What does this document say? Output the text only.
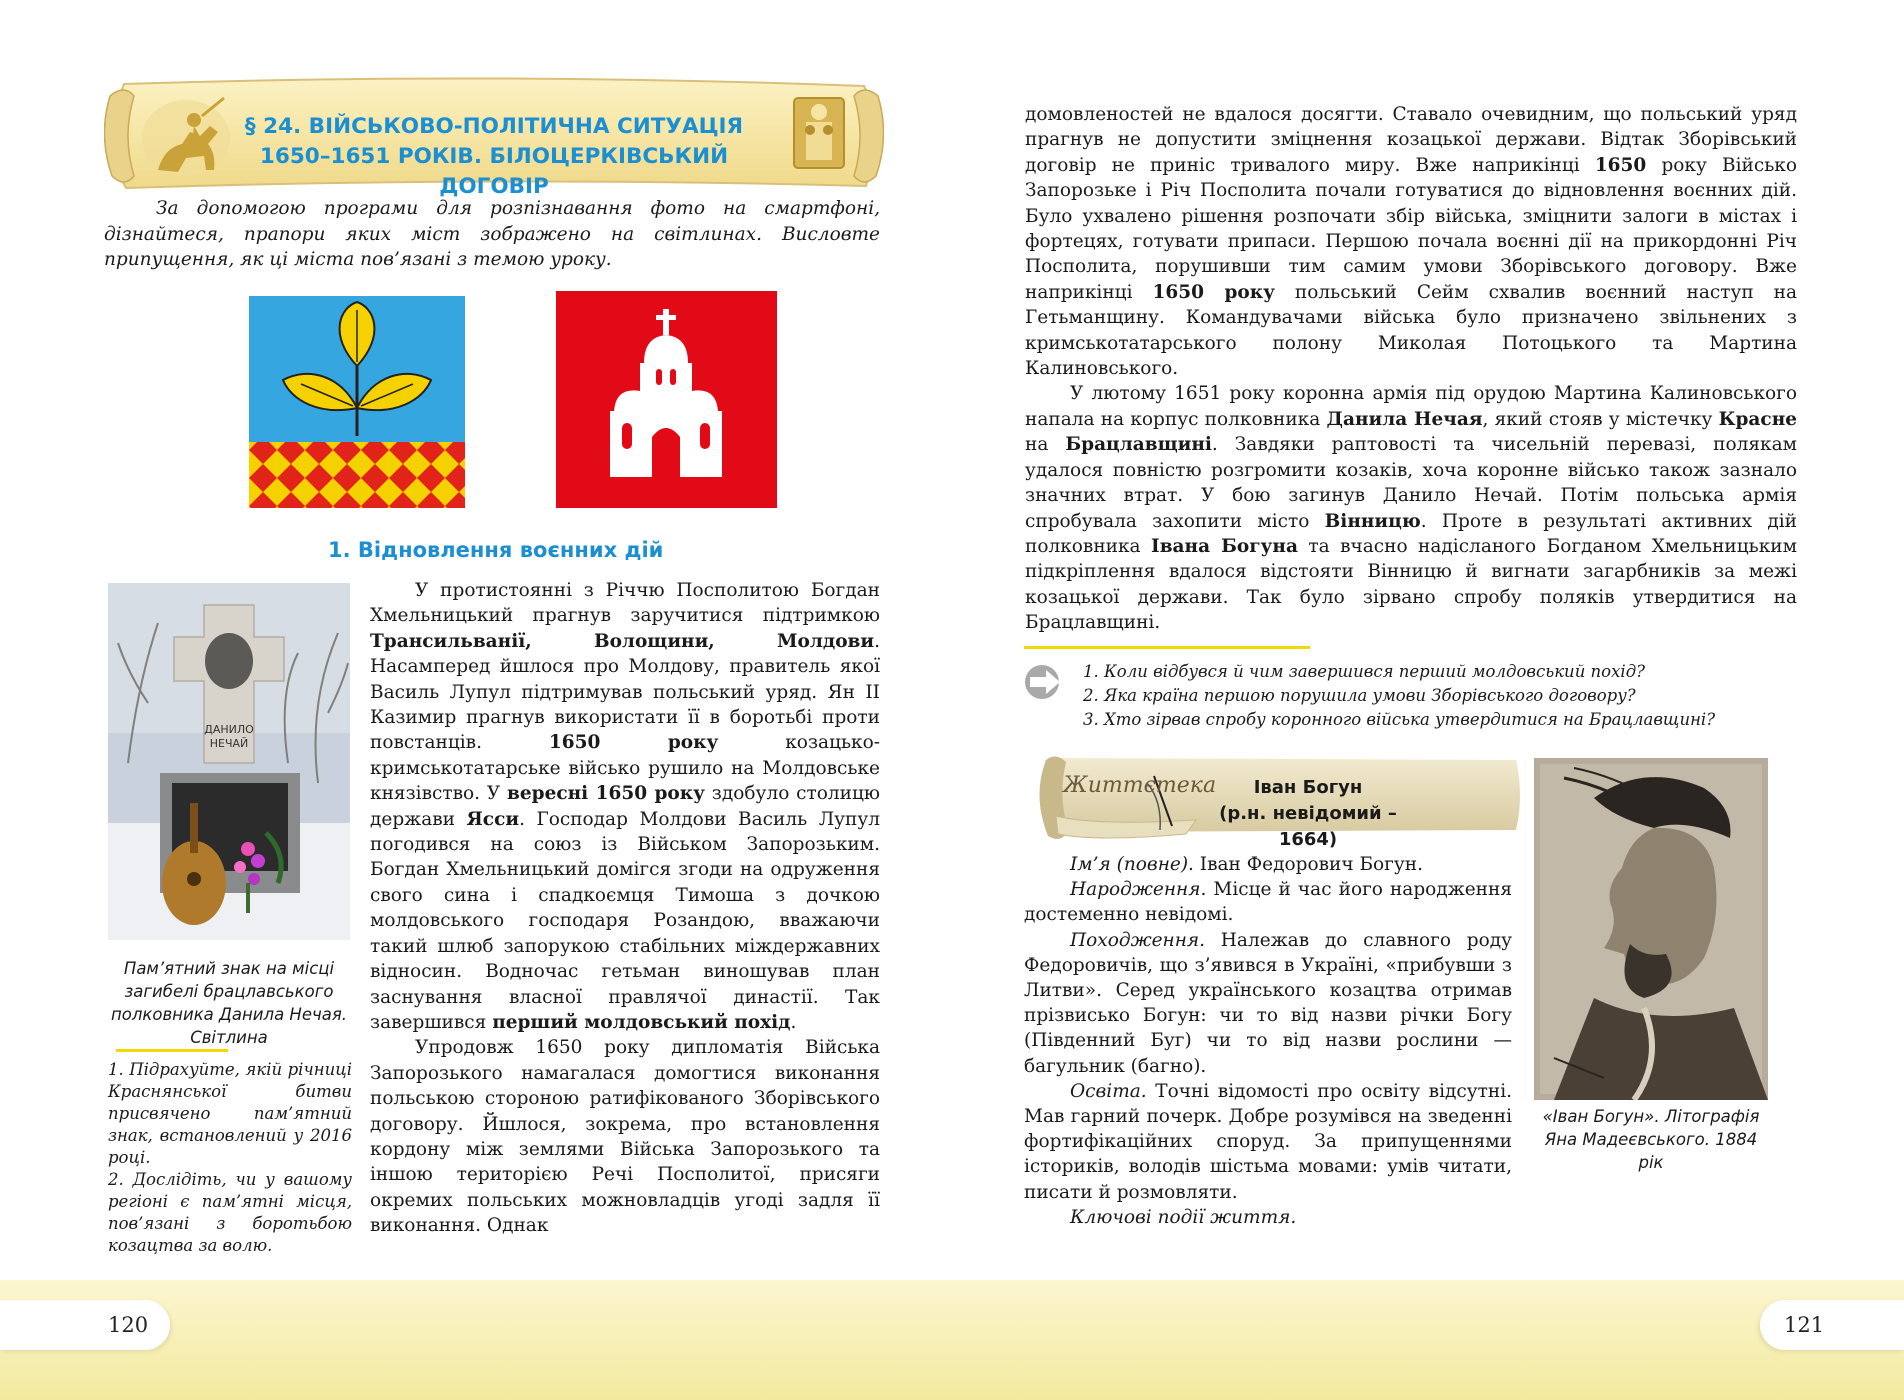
120	121
§ 24. ВІЙСЬКОВО-ПОЛІТИЧНА СИТУАЦІЯ
1650–1651 РОКІВ. БІЛОЦЕРКІВСЬКИЙ ДОГОВІР
За допомогою програми для розпізнавання фото на смартфоні, дізнайтеся, прапори яких міст зображено на світлинах. Висловте припущення, як ці міста пов’язані з темою уроку.
1. Відновлення воєнних дій
ДАНИЛО
НЕЧАЙ
Пам’ятний знак на місці загибелі брацлавського полковника Данила Нечая. Світлина

1. Підрахуйте, якій річниці Краснянської битви присвячено пам’ятний знак, встановлений у 2016 році.

2. Дослідіть, чи у вашому регіоні є пам’ятні місця, пов’язані з боротьбою козацтва за волю.

У протистоянні з Річчю Посполитою Богдан Хмельницький прагнув заручитися підтримкою Трансильванії, Волощини, Молдови. Насамперед йшлося про Молдову, правитель якої Василь Лупул підтримував польський уряд. Ян ІІ Казимир прагнув використати її в боротьбі проти повстанців. 1650 року козацько-кримськотатарське військо рушило на Молдовське князівство. У вересні 1650 року здобуло столицю держави Ясси. Господар Молдови Василь Лупул погодився на союз із Військом Запорозьким. Богдан Хмельницький домігся згоди на одруження свого сина і спадкоємця Тимоша з дочкою молдовського господаря Розандою, вважаючи такий шлюб запорукою стабільних міждержавних відносин. Водночас гетьман виношував план заснування власної правлячої династії. Так завершився перший молдовський похід.

Упродовж 1650 року дипломатія Війська Запорозького намагалася домогтися виконання польською стороною ратифікованого Зборівського договору. Йшлося, зокрема, про встановлення кордону між землями Війська Запорозького та іншою територією Речі Посполитої, присяги окремих польських можновладців угоді задля її виконання. Однак

домовленостей не вдалося досягти. Ставало очевидним, що польський уряд прагнув не допустити зміцнення козацької держави. Відтак Зборівський договір не приніс тривалого миру. Вже наприкінці 1650 року Військо Запорозьке і Річ Посполита почали готуватися до відновлення воєнних дій. Було ухвалено рішення розпочати збір війська, зміцнити залоги в містах і фортецях, готувати припаси. Першою почала воєнні дії на прикордонні Річ Посполита, порушивши тим самим умови Зборівського договору. Вже наприкінці 1650 року польський Сейм схвалив воєнний наступ на Гетьманщину. Командувачами війська було призначено звільнених з кримськотатарського полону Миколая Потоцького та Мартина Калиновського.

У лютому 1651 року коронна армія під орудою Мартина Калиновського напала на корпус полковника Данила Нечая, який стояв у містечку Красне на Брацлавщині. Завдяки раптовості та чисельній перевазі, полякам удалося повністю розгромити козаків, хоча коронне військо також зазнало значних втрат. У бою загинув Данило Нечай. Потім польська армія спробувала захопити місто Вінницю. Проте в результаті активних дій полковника Івана Богуна та вчасно надісланого Богданом Хмельницьким підкріплення вдалося відстояти Вінницю й вигнати загарбників за межі козацької держави. Так було зірвано спробу поляків утвердитися на Брацлавщині.

1. Коли відбувся й чим завершився перший молдовський похід?
2. Яка країна першою порушила умови Зборівського договору?
3. Хто зірвав спробу коронного війська утвердитися на Брацлавщині?
Життєтека	Іван Богун
(р.н. невідомий – 1664)

Ім’я (повне). Іван Федорович Богун.

Народження. Місце й час його народження достеменно невідомі.

Походження. Належав до славного роду Федоровичів, що з’явився в Україні, «прибувши з Литви». Серед українського козацтва отримав прізвисько Богун: чи то від назви річки Богу (Південний Буг) чи то від назви рослини — багульник (багно).

Освіта. Точні відомості про освіту відсутні. Мав гарний почерк. Добре розумівся на зведенні фортифікаційних споруд. За припущеннями істориків, володів шістьма мовами: умів читати, писати й розмовляти.

Ключові події життя.

«Іван Богун». Літографія Яна Мадеєвського. 1884 рік
